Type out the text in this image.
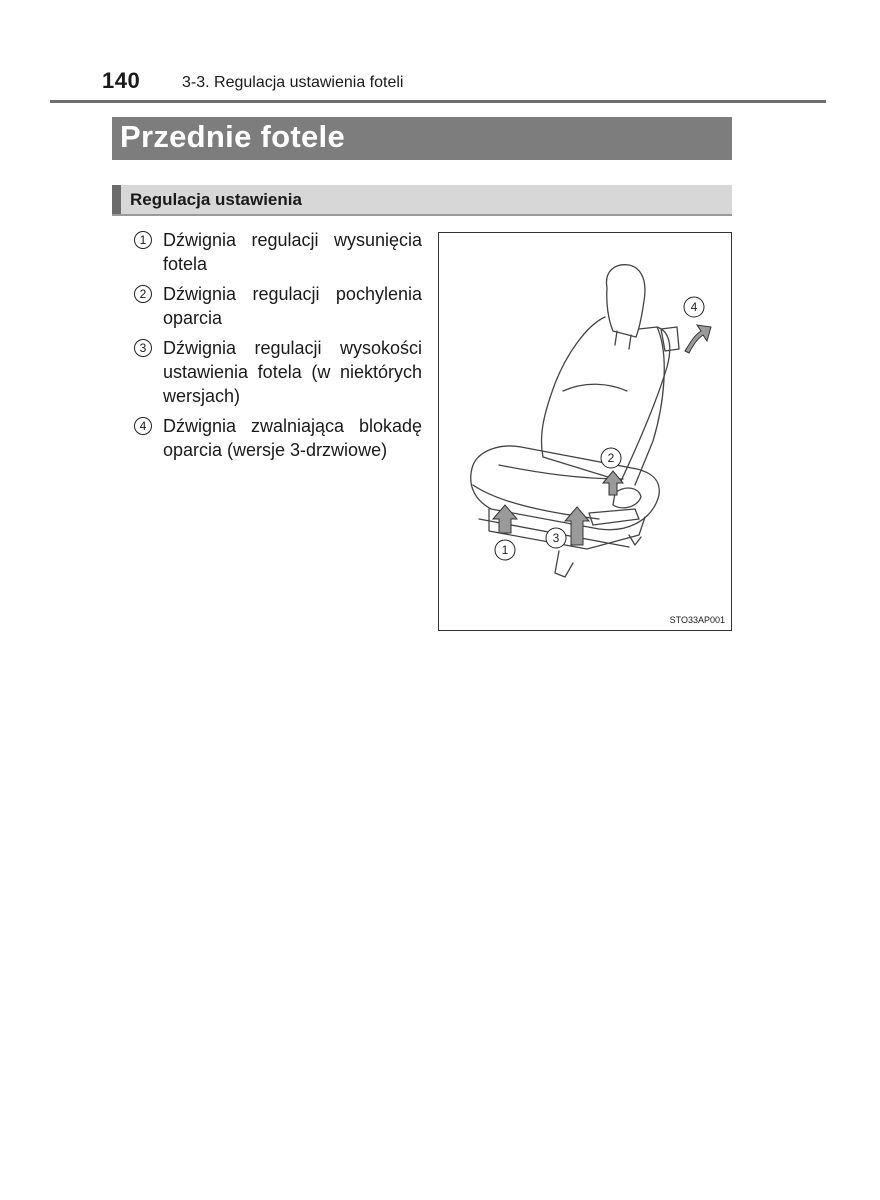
140	3-3. Regulacja ustawienia foteli
Przednie fotele
Regulacja ustawienia
1 Dźwignia regulacji wysunięcia fotela
2 Dźwignia regulacji pochylenia oparcia
3 Dźwignia regulacji wysokości ustawienia fotela (w niektórych wersjach)
4 Dźwignia zwalniająca blokadę oparcia (wersje 3-drzwiowe)
1
2
3
4
STO33AP001
